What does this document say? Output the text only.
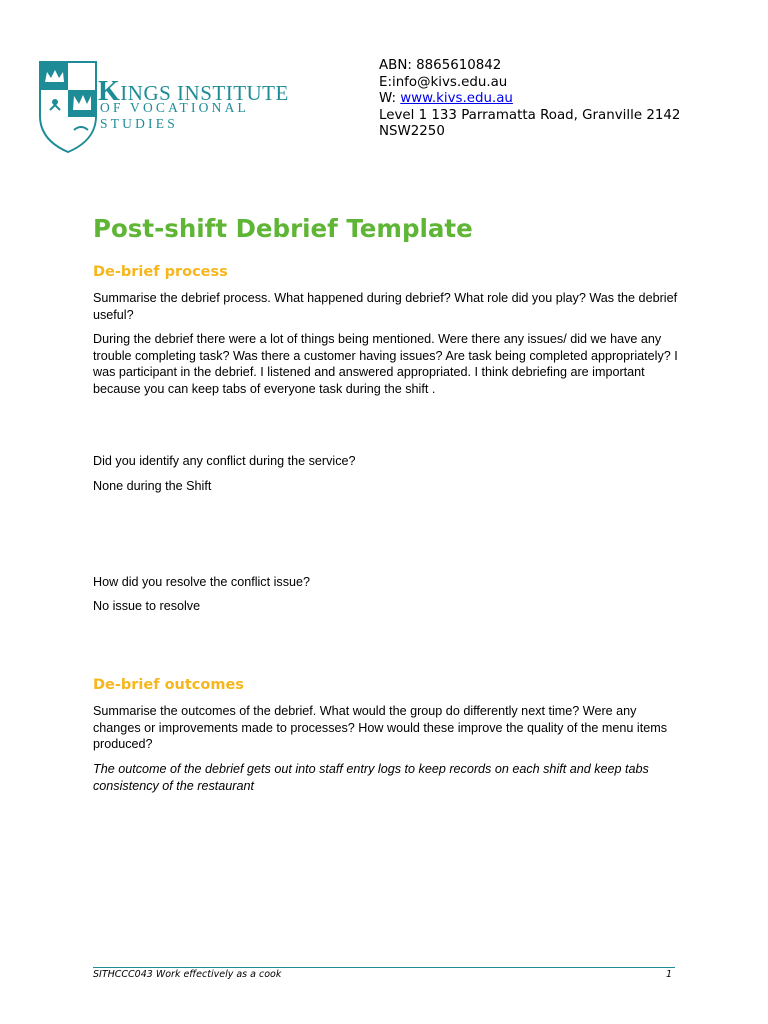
KINGS INSTITUTE
OF VOCATIONAL
STUDIES
ABN: 8865610842
E:info@kivs.edu.au
W: www.kivs.edu.au
Level 1 133 Parramatta Road, Granville 2142
NSW2250
Post-shift Debrief Template
De-brief process

Summarise the debrief process. What happened during debrief? What role did you play? Was the debrief useful?

During the debrief there were a lot of things being mentioned. Were there any issues/ did we have any trouble completing task? Was there a customer having issues? Are task being completed appropriately? I was participant in the debrief. I listened and answered appropriated. I think debriefing are important because you can keep tabs of everyone task during the shift .

Did you identify any conflict during the service?

None during the Shift

How did you resolve the conflict issue?

No issue to resolve

De-brief outcomes

Summarise the outcomes of the debrief. What would the group do differently next time? Were any changes or improvements made to processes? How would these improve the quality of the menu items produced?

The outcome of the debrief gets out into staff entry logs to keep records on each shift and keep tabs consistency of the restaurant

SITHCCC043 Work effectively as a cook	1
